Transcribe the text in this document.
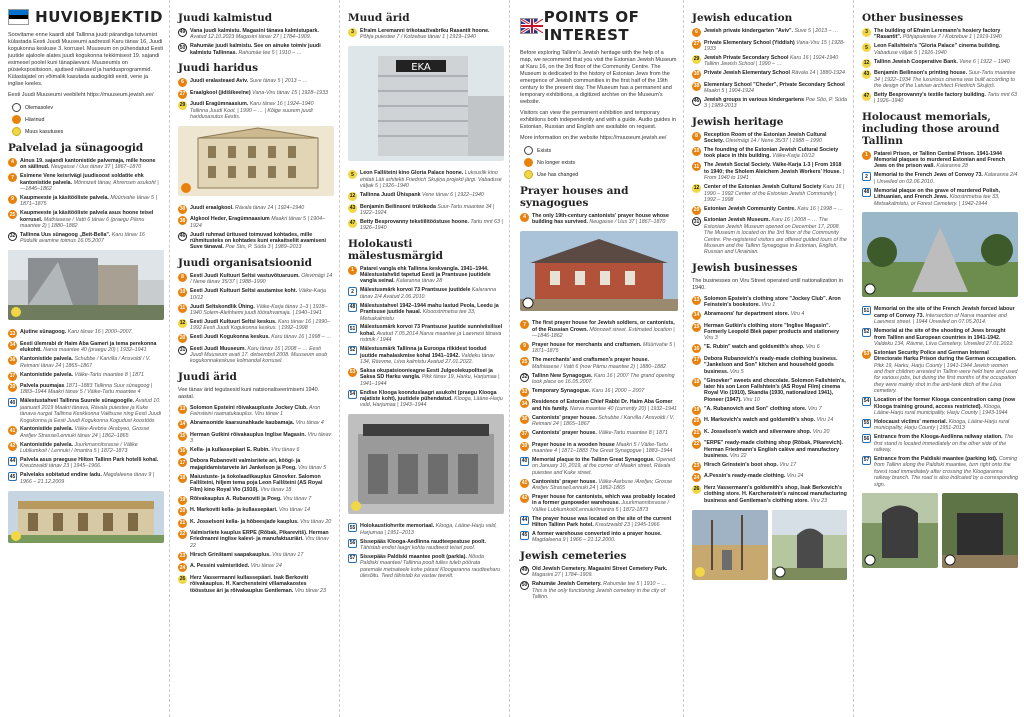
HUVIOBJEKTID

Soovitame enne kaardi abil Tallinna juudi pärandiga tutvumist külastada Eesti Juudi Muuseumi aadressil Karu tänav 16, Juudi kogukonna keskuse 3. korrusel. Muuseum on pühendatud Eesti juutide ajaloole alates juudi kogukonna tekkimisest 19. sajandi esimesel poolel kuni tänapäevani. Muuseumis on püsiekspositsioon, ajutised näitused ja haridusprogrammid. Külastajatel on võimalik kasutada audiogiidi eesti, vene ja inglise keeles.

Eesti Juudi Muuseumi veebileht https://muuseum.jewish.ee/

Olemasolev
Hävinud
Muus kasutuses
Palvelad ja sünagoogid
4	Ainus 19. sajandi kantonistide palvemaja, mille hoone on säilinud. Neugasse / Uus tänav 37 | 1867–1870
7	Esimene Vene keisrivägi juudisoost soldatite ehk kantonistide palvela. Mõnnizeit tänav, Ahrensen asukoht | —1846–1862
9	Kaupmeeste ja käsitööliste palvela. Müürivahe tänav 5 | 1871–1875
25 Kaupmeeste ja käsitööliste palvela asus hoone teisel korrusel. Mathiasese / Vatti 6 tänav 6 (praegu Pärnu maantee 2) | 1880–1882
32 Tallinna Uus sünagoog „Beit-Bella". Karu tänav 16 Püdulik avamine toimus 16.05.2007
33 Ajutine sünagoog. Karu tänav 16 | 2000–2007.
34 Eesti ülemrabi dr Haim Aba Gameri ja tema perekonna elukohti. Narva maantee 40 (praegu 20) | 1932–1941
36 Kantonistide palvela. Schubbe / Karvilla / Ansvoldi / V. Reimani tänav 24 | 1865–1867
37 Kantonistide palvela. Väike-Tartu maantee 8 | 1871
39 Palvela puumajas 1871–1883 Tallinna Suur sünagoog | 1883–1944 Maakri tänav 5 / Väike-Tartu maantee 4
40 Mälestustahvel Tallinna Suurele sünagoogile. Avatud 10. jaanuaril 2019 Maakri tänava, Rävala puiestee ja Kuke tänava nurgal Tallinna Keskkonna Valitsuse ning Eesti Juudi Kogukonna ja Eesti Juudi Kogukonna Kogudust koostöös
41 Kantonistide palvela. Väike-Arebna /Arabyeo, Grosse Arefjev Strasse/Lennuki tänav 24 | 1862–1865
42 Kantonistide palvela. Juurkmannitsrasse / Välike Lubliumkoit / Lennuki / Imantra 5 | 1872–1873
44 Palvela asus praeguse Hilton Tallinn Park hotelli kohal. Kreutzwaldi tänav 23 | 1945–1966.
45 Palvelaks sobitatud endine ladu. Magdaleena tänav 9 | 1966 – 21.12.2009
Juudi kalmistud
49 Vana juudi kalmistu. Magasini tänava kalmistupark. Avatud 12.10.2023 Magasini tänav 27 | 1784–1909.
50 Rahumäe juudi kalmistu. See on ainuke toimiv juudi kalmistu Tallinnas. Rahumäe tee 5 | 1910 – …
Juudi haridus
6	Juudi eralasteaed Aviv. Suve tänav 5 | 2013 – …
27 Eraalgkool (jidišikeelne) Vana-Viru tänav 15 | 1928–1933
29 Juudi Eragümnaasium. Karu tänav 16 | 1924–1940 Tallinna Juudi Kool. | 1990 – … | Kõige suurem juudi haridusasutus Eestis.
30 Juudi eraalgkool. Rävala tänav 14 | 1924–1940
38 Algkool Heder, Eragümnaasium Maakri tänav 5 | 1904–1924
46 Juudi ruhmad üritused toimuvad kohtades, mille rühmitusteks on kohtades kuni erakaitseliit avamiseni Suve tänaval. Poe Stis, P. Süda 3 | 1989–2013
Juudi organisatsioonid
8	Eesti Juudi Kultuuri Seltsi vastuvõtuaruum. Olevimägi 14 / Nene tänav 35/37 | 1988–1990
10 Eesti Juudi Kultuuri Seltsi asutamise koht. Väike-Karja 10/12
11 Juudi Seltskondlik Ühing. Väike-Karja tänav 1–3 | 1918–1940 Solem-Aleihhemi juudi töörahvamaja. | 1940–1941
12 Eesti Juudi Kultuuri Seltsi keskus. Karu tänav 16 | 1990–1992 Eesti Juudi Kogukonna keskus. | 1992–1998
20 Eesti Juudi Kogukonna keskus. Karu tänav 16 | 1998 – …
31 Eesti Juudi Muuseum. Karu tänav 16 | 2008 – … Eesti Juudi Muuseum avati 17. detsembril 2008. Muuseum asub kogukonnakeskuse kolmandal korrusel.
Juudi ärid

Vee tänav ärid tegutsesid kuni natsionaliseerimiseni 1940. aastal.

13 Solomon Epsteini rõivakaupluste Jockey Club. Aron Feinsteini raamatukauplus. Viru tänav 1
14 Abramsonide kaarsunahkade kaubamaja. Viru tänav 4
15 Herman Gutkini rõivakauplus Inglise Magasin. Viru tänav 3
16 Kella- ja kullassepäari E. Rubin. Viru tänav 6
17 Debora Rubanoviti valmisriiete ari, köögi- ja majapidamistarvete äri Jankelson ja Poeg. Viru tänav 5
18 Maiustuste- ja šokolaadikauplus Ginovker. Salomon Fallšteini, hiljem tema poja Leon Fallšteini (AS Royal Film) kino Royal Vio (1910). Viru tänav 18
19 Rõivakauplus A. Rubanoviti ja Poeg. Viru tänav 7
20 H. Markoviti kella- ja kullassepäari. Viru tänav 14
21 K. Josselsoni kella- ja hõbeesjade kauplus. Viru tänav 20
22 Valmisriiete kauplus ERPE (Rõbak, Pikarevitš). Herman Friedmanni inglise kalevi- ja manufaktuuriäri. Viru tänav 22
23 Hirsch Grinštami saapakauplus. Viru tänav 17
24 A. Pessini valmisriided. Viru tänav 24
26 Herz Vassermanni kullassepäari. Isak Berkoviti rõivakauplus. H. Karchensteini villamakaostes töösstuse äri ja rõivakauplus Gentleman. Viru tänav 23
Muud ärid
3	Efraim Leremanni trikotaaživabriku Rasantit hoone. Põhja puiestee 7 / Kotzebue tänav 1 | 1919–1940
EKA
5	Leon Fallšteini kino Gloria Palace hoone. Luksuslik kino ehitati Läti arhitekti Friedrich Skujiņa projekti järgi. Vabaduse väljak 5 | 1926–1940
12 Tallinna Juudi Ühispank Vene tänav 6 | 1922–1940
43 Benjamin Beilinsoni trükikoda Suur-Tartu maantee 34 | 1922–1924
47 Betty Besprovanny tekstiilitööstuse hoone. Tartu mnt 63 | 1926–1940
Holokausti mälestusmärgid
1	Patarei vangla ehk Tallinna keskvangla. 1941–1944. Mälestustahvlid tapetud Eesti ja Prantsuse juutidele vangla seinal. Kalaranna tänav 28
2	Mälestusmärk korvoi 73 Prantsuse juutidele Kalaranna tänav 2/4 Avatud 2.06.2010.
48 Mälestustahvel 1942–1944 mahu lastud Peola, Leedu ja Prantsuse juutide haual. Klooostrimetsa tee 33, Metsakalmistu
51 Mälestusmärk korvoi 73 Prantsuse juutide sunniviisilisel kohal. Avatud 7.05.2014 Narva maantee ja Laevnesi tänava ristmik / 1944
52 Mälestusmärk Tallinna ja Euroopa riikidest toodud juutide mahalaskmise kohal 1941–1942. Valdeku tänav 134, Rävvme, Liiva kalmistu Avatud 27.01.2022.
53 Saksa okupatsioonieagne Eesti Julgeolekupolitsei ja Saksa SD Harku vangla. Pikk tänav 19, Harku, Harjumaa | 1941–1944
54 Endise Klooga koonduslaagri asukoht (praegu Klooga rajatiste koht), juutidele pühendatud. Klooga, Lääne-Harju vald, Harjumaa | 1943–1944
55 Holokaustiohvrite memoriaal. Klooga, Lääne-Harju vald, Harjumaa | 1951–2013
56 Sissepääs Klooga-Aedlinna raudteepeatuse poolt. Tähistab endist laagri kohta raudteest teisel pool.
57 Sissepääs Paldiski maantee poolt (parkla). Nõoda Paldiski maanteel Tallinna poolt tulles tuleb pöörata paremale metsateele kohe pärast Kloogaranna raudteeharu ülesõitu. Teed tähistab ka vastav teeviit.
POINTS OF INTEREST

Before exploring Tallinn's Jewish heritage with the help of a map, we recommend that you visit the Estonian Jewish Museum at Karu 16, on the 3rd floor of the Community Centre. The Museum is dedicated to the history of Estonian Jews from the emergence of Jewish communities in the first half of the 19th century to the present day. The Museum has a permanent and temporary exhibitions, a digitized archive on the Museum's website.

Visitors can view the permanent exhibition and temporary exhibitions both independently and with a guide. Audio guides in Estonian, Russian and English are available on request.

More information on the website https://muuseum.jewish.ee/

Exists
No longer exists
Use has changed
Prayer houses and synagogues
4	The only 19th-century cantonists' prayer house whose building has survived. Neugasse / Uus 37 | 1867–1870
7	The first prayer house for Jewish soldiers, or cantonists, of the Russian Crown. Mönnzeit street. Estimated location | —1846-1862
9	Prayer house for merchants and craftsmen. Müürivahe 5 | 1871–1875
25 The merchants' and craftsmen's prayer house. Mathiasese / Vatti 6 (now Pärnu maantee 2) | 1880–1882
32 Tallinn New Synagogue. Karu 16 | 2007 The grand opening took place on 16.05.2007.
33 Temporary Synagogue. Karu 16 | 2000 – 2007
34 Residence of Estonian Chief Rabbi Dr. Haim Aba Gomer and his family. Narva maantee 40 (currently 20) | 1932–1941
36 Cantonists' prayer house. Schubbe / Karvilla / Ansvoldi / V. Reimani 24 | 1865–1867
37 Cantonists' prayer house. Väike-Tartu maantee 8 | 1871
39 Prayer house in a wooden house Maakri 5 / Väike-Tartu maantee 4 | 1871–1883 The Great Synagogue | 1883–1944
40 Memorial plaque to the Tallinn Great Synagogue. Opened on January 10, 2019, at the corner of Maakri street, Rävala puiestee and Kuke street.
41 Cantonists' prayer house. Väike-Aarbuse /Arefjev, Grosse Arefjev Strasse/Lennuki 24 | 1862-1865
42 Prayer house for cantonists, which was probably located in a former gunpowder warehouse. Juurkmannitsrasse / Välike Lubliumkoit/Lennuki/Imantra 5 | 1872-1873
44 The prayer house was located on the site of the current Hilton Tallinn Park hotel. Kreutzwaldi 23 | 1945-1966
45 A former warehouse converted into a prayer house. Magdaleena 9 | 1966 – 21.12.2000.
Jewish cemeteries
49 Old Jewish Cemetery. Magasini Street Cemetery Park. Magasini 27 | 1784–1909.
50 Rahumäe Jewish Cemetery. Rahumäe tee 5 | 1910 – … This is the only functioning Jewish cemetery in the city of Tallinn.
Jewish education
6	Jewish private kindergarten "Aviv". Suve 5 | 2013 – …
27 Private Elementary School (Yiddish) Vana-Viru 15 | 1928-1933
29 Jewish Private Secondary School Karu 16 | 1924-1940 Tallinn Jewish School | 1990 – …
30 Private Jewish Elementary School Rävala 14 | 1880-1924
38 Elementary School "Cheder", Private Secondary School Maakri 5 | 1904-1924
46 Jewish groups in various kindergartens Poe Sõo, P. Süda 3 | 1989-2013
Jewish heritage
8	Reception Room of the Estonian Jewish Cultural Society. Olevimägi 14 / Nene 35/37 | 1988 – 1990
10 The founding of the Estonian Jewish Cultural Society took place in this building. Väike-Karja 10/12
11 The Jewish Social Society. Väike-Karja 1-3 | From 1918 to 1940; the Sholem Aleichem Jewish Workers' House. | From 1940 to 1941
12 Center of the Estonian Jewish Cultural Society Karu 16 | 1990 – 1992 Center of the Estonian Jewish Community | 1992 – 1998
20 Estonian Jewish Community Centre. Karu 16 | 1998 – …
31 Estonian Jewish Museum. Karu 16 | 2008 – … The Estonian Jewish Museum opened on December 17, 2008. The Museum is located on the 3rd floor of the Community Centre. Pre-registered visitors are offered guided tours of the Museum and the Tallinn Synagogue in Estonian, English, Russian and Ukrainian.
Jewish businesses

The businesses on Viru Street operated until nationalization in 1940.

13 Solomon Epstein's clothing store "Jockey Club". Aron Feinstein's bookstore. Viru 1
14 Abramsons' fur department store. Viru 4
15 Herman Gutkin's clothing store "Inglise Magasin". Formerly Leopold Blek paper products and stationery Viru 3
16 "E. Rubin" watch and goldsmith's shop. Viru 6
17 Debora Rubanovich's ready-made clothing business. "Jankelson and Son" kitchen and household goods business. Viru 5
18 "Ginovker" sweets and chocolate. Solomon Fallshtein's, later his son Leon Fallshtein's (AS Royal Film) cinema Royal Vio (1910), Skandia (1930, nationalized 1941), Pioneer (1947). Viru 10
19 "A. Rubanovich and Son" clothing store. Viru 7
20 H. Markovich's watch and goldsmith's shop. Viru 14
21 K. Josselson's watch and silverware shop. Viru 20
22 "ERPE" ready-made clothing shop (Rõbak, Pikarevich). Herman Friedmann's English calève and manufactory business. Viru 22
23 Hirsch Grinstein's boot shop. Viru 17
24 A.Pessin's ready-made clothing. Viru 24
26 Herz Vassermann's goldsmith's shop, Isak Berkovich's clothing store. H. Karchenstein's raincoat manufacturing business and Gentleman's clothing store. Viru 23
Other businesses
3	The building of Efraim Leremann's hosiery factory "Rasantit". Põhjapuiestee 7 / Kotzebue 1 | 1919-1940
5	Leon Fallshtein's "Gloria Palace" cinema building. Vabaduse väljak 5 | 1926-1940
12 Tallinn Jewish Cooperative Bank. Vene 6 | 1922 – 1940
43 Benjamin Beilinson's printing house. Suur-Tartu maantee 34 | 1922–1934 The luxurious cinema was built according to the design of the Latvian architect Friedrich Skujiņš.
47 Betty Besprovanny's textile factory building. Tartu mnt 63 | 1926–1940
Holocaust memorials, including those around Tallinn
1	Patarei Prison, or Tallinn Central Prison. 1941-1944 Memorial plaques to murdered Estonian and French Jews on the prison wall. Kalaranna 28
2	Memorial to the French Jews of Convoy 73. Kalaranna 2/4 | Unveiled on 02.06.2010.
48 Memorial plaque on the grave of murdered Polish, Lithuanian, and French Jews. Kloostrimetsa tee 33, Metsakalmistu, or Forest Cemetery. | 1942-1944
51 Memorial on the site of the French Jewish forced labour camp of Convoy 73. Intersection of Narva maantee and Laevnesi street. | 1944 Unveiled on 07.05.2014.
52 Memorial at the site of the shooting of Jews brought from Tallinn and European countries in 1941-1942. Valdeku 134, Rävme, Liiva Cemetery. Unveiled 27.01.2022.
53 Estonian Security Police and German Internal Directorate Harku Prison during the German occupation. Pikk 19, Harku, Harju County | 1941-1944 Jewish women and their children arrested in Tallinn were held here and used for various jobs, but during the first months of the occupation they were mainly shot in the anti-tank ditch of the Liiva cemetery.
54 Location of the former Klooga concentration camp (now Klooga training ground, access restricted). Klooga, Lääne-Harju rural municipality, Harju County | 1943-1944
55 Holocaust victims' memorial. Klooga, Lääne-Harju rural municipality, Harju County | 1951-2013
56 Entrance from the Klooga-Aedlinna railway station. The first stand is located immediately on the other side of the railway.
57 Entrance from the Paldiski maantee (parking lot). Coming from Tallinn along the Paldiski maantee, turn right onto the forest road immediately after crossing the Kloogaranna railway branch. The road is also indicated by a corresponding sign.
